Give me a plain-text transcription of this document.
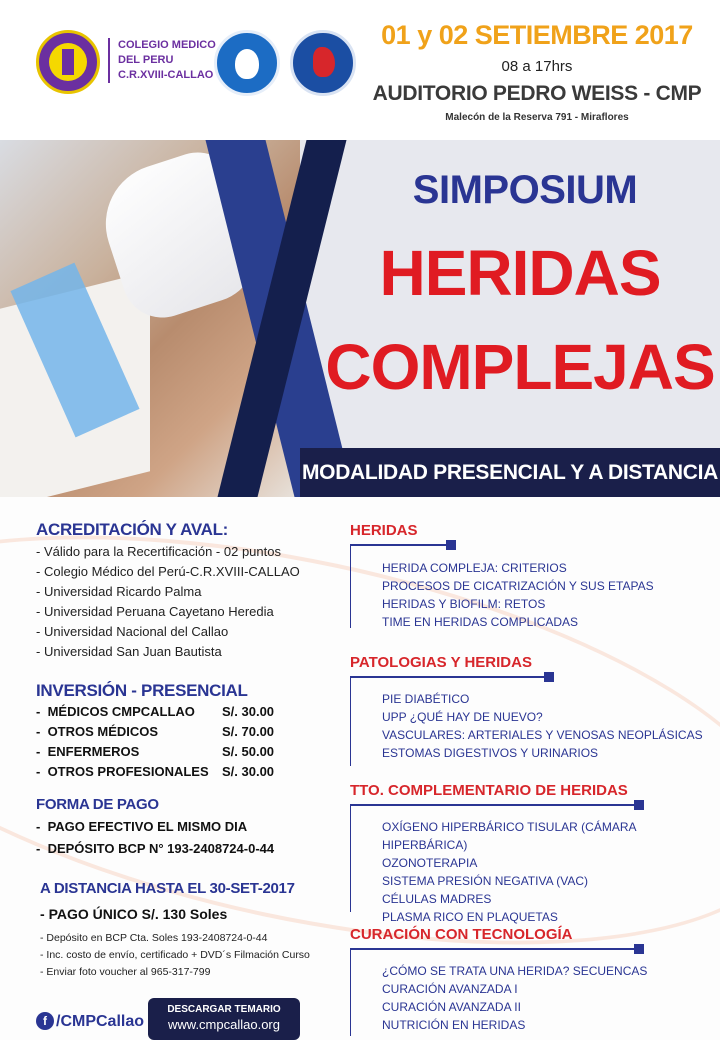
COLEGIO MEDICO
DEL PERU
C.R.XVIII-CALLAO
01 y 02 SETIEMBRE 2017
08 a 17hrs
AUDITORIO PEDRO WEISS - CMP
Malecón de la Reserva 791 - Miraflores
SIMPOSIUM
HERIDAS
COMPLEJAS
MODALIDAD PRESENCIAL Y A DISTANCIA
ACREDITACIÓN Y AVAL:
- Válido para la Recertificación - 02 puntos
- Colegio Médico del Perú-C.R.XVIII-CALLAO
- Universidad Ricardo Palma
- Universidad Peruana Cayetano Heredia
- Universidad Nacional del Callao
- Universidad San Juan Bautista
INVERSIÓN - PRESENCIAL
-  MÉDICOS CMPCALLAO	S/. 30.00
-  OTROS MÉDICOS	S/. 70.00
-  ENFERMEROS	S/. 50.00
-  OTROS PROFESIONALES	S/. 30.00
FORMA DE PAGO
-  PAGO EFECTIVO EL MISMO DIA
-  DEPÓSITO BCP N° 193-2408724-0-44
A DISTANCIA HASTA EL 30-SET-2017
- PAGO ÚNICO S/. 130 Soles
- Depósito en BCP Cta. Soles 193-2408724-0-44
- Inc. costo de envío, certificado + DVD´s Filmación Curso
- Enviar foto voucher al 965-317-799
f /CMPCallao
DESCARGAR TEMARIO
www.cmpcallao.org
HERIDAS
HERIDA COMPLEJA: CRITERIOS
PROCESOS DE CICATRIZACIÓN Y SUS ETAPAS
HERIDAS Y BIOFILM: RETOS
TIME EN HERIDAS COMPLICADAS
PATOLOGIAS Y HERIDAS
PIE DIABÉTICO
UPP ¿QUÉ HAY DE NUEVO?
VASCULARES: ARTERIALES Y VENOSAS NEOPLÁSICAS
ESTOMAS DIGESTIVOS Y URINARIOS
TTO. COMPLEMENTARIO DE HERIDAS
OXÍGENO HIPERBÁRICO TISULAR (CÁMARA HIPERBÁRICA)
OZONOTERAPIA
SISTEMA PRESIÓN NEGATIVA (VAC)
CÉLULAS MADRES
PLASMA RICO EN PLAQUETAS
CURACIÓN CON TECNOLOGÍA
¿CÓMO SE TRATA UNA HERIDA? SECUENCAS
CURACIÓN AVANZADA I
CURACIÓN AVANZADA II
NUTRICIÓN EN HERIDAS
